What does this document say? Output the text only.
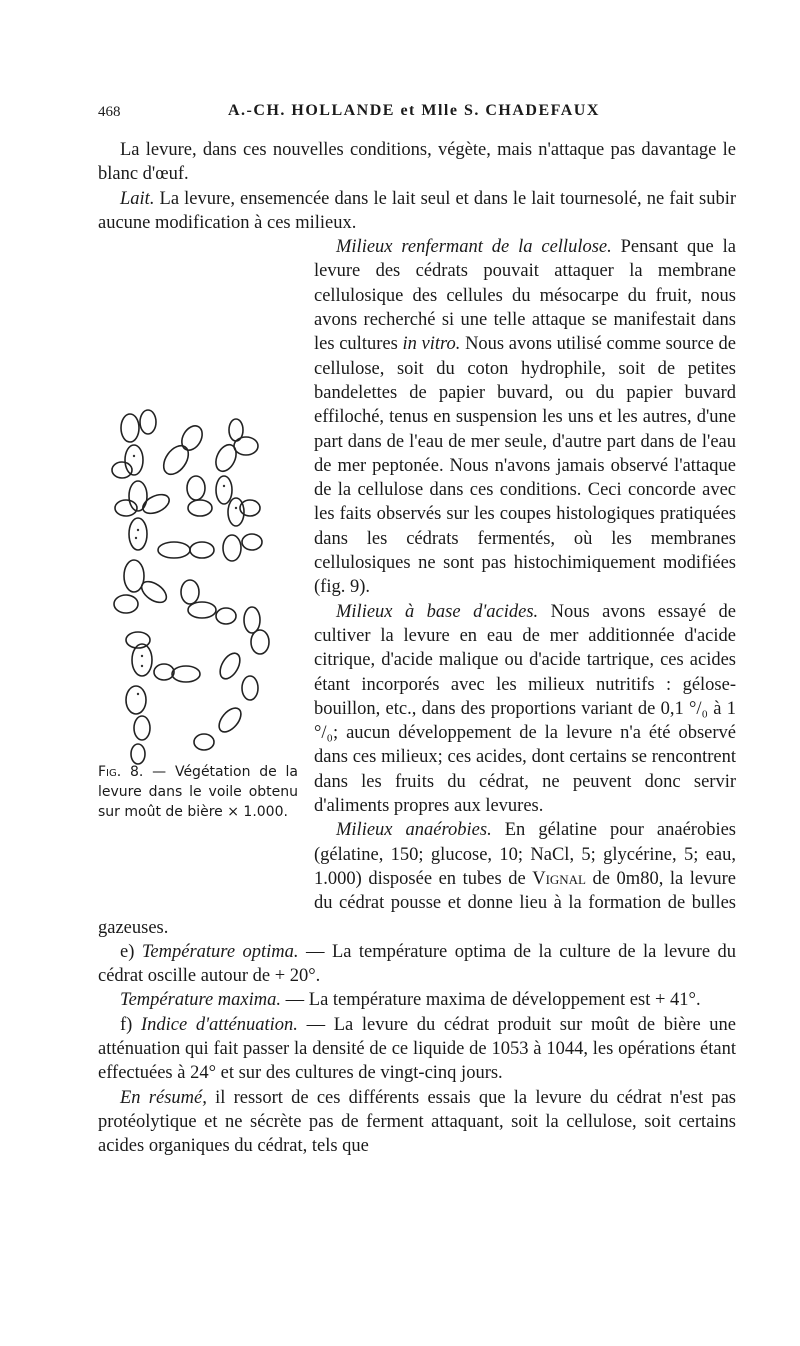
468	A.-CH. HOLLANDE et Mlle S. CHADEFAUX

La levure, dans ces nouvelles conditions, végète, mais n'attaque pas davantage le blanc d'œuf.

Lait. La levure, ensemencée dans le lait seul et dans le lait tournesolé, ne fait subir aucune modification à ces milieux.

Milieux renfermant de la cellulose. Pensant que la levure des cédrats pouvait attaquer la membrane cellulosique des cellules du mésocarpe du fruit, nous avons recherché si une telle attaque se manifestait dans les cultures in vitro. Nous avons utilisé comme source de cellulose, soit du coton hydrophile, soit de petites bandelettes de papier buvard, ou du papier buvard effiloché, tenus en suspension les uns et les autres, d'une part dans de l'eau de mer seule, d'autre part dans de l'eau de mer peptonée. Nous n'avons jamais observé l'attaque de la cellulose dans ces conditions. Ceci concorde avec les faits observés sur les coupes histologiques pratiquées dans les cédrats fermentés, où les membranes cellulosiques ne sont pas histochimiquement modifiées (fig. 9).

Milieux à base d'acides. Nous avons essayé de cultiver la levure en eau de mer additionnée d'acide citrique, d'acide malique ou d'acide tartrique, ces acides étant incorporés avec les milieux nutritifs : gélose-bouillon, etc., dans des proportions variant de 0,1 °/₀ à 1 °/₀; aucun développement de la levure n'a été observé dans ces milieux; ces acides, dont certains se rencontrent dans les fruits du cédrat, ne peuvent donc servir d'aliments propres aux levures.

Milieux anaérobies. En gélatine pour anaérobies (gélatine, 150; glucose, 10; NaCl, 5; glycérine, 5; eau, 1.000) disposée en tubes de Vignal de 0m80, la levure du cédrat pousse et donne lieu à la formation de bulles gazeuses.

e) Température optima. — La température optima de la culture de la levure du cédrat oscille autour de + 20°.

Température maxima. — La température maxima de développement est + 41°.

f) Indice d'atténuation. — La levure du cédrat produit sur moût de bière une atténuation qui fait passer la densité de ce liquide de 1053 à 1044, les opérations étant effectuées à 24° et sur des cultures de vingt-cinq jours.

En résumé, il ressort de ces différents essais que la levure du cédrat n'est pas protéolytique et ne sécrète pas de ferment attaquant, soit la cellulose, soit certains acides organiques du cédrat, tels que

Fig. 8. — Végétation de la levure dans le voile obtenu sur moût de bière × 1.000.
